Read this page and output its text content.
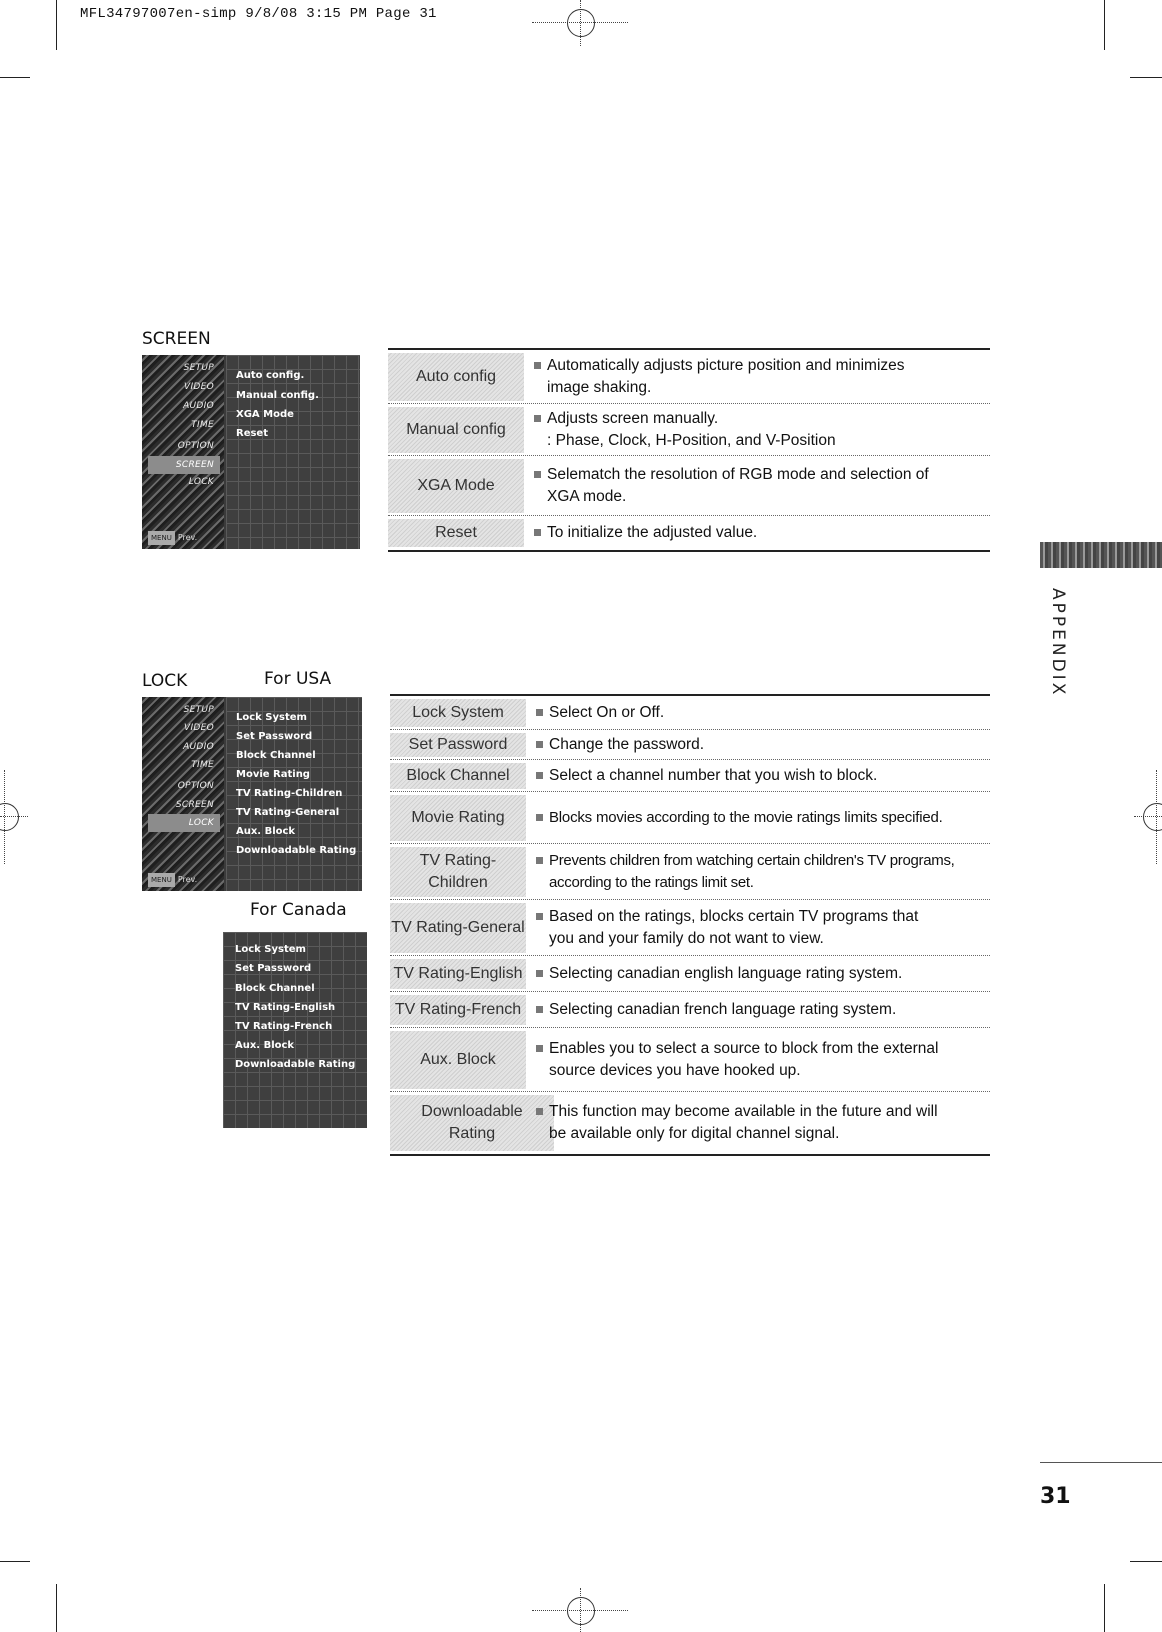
MFL34797007en-simp 9/8/08 3:15 PM Page 31
SCREEN
SETUP
VIDEO
AUDIO
TIME
OPTION
SCREEN
LOCK
MENU Prev.
Auto config.
Manual config.
XGA Mode
Reset
Auto config
Automatically adjusts picture position and minimizes
image shaking.
Manual config
Adjusts screen manually.
: Phase, Clock, H-Position, and V-Position
XGA Mode
Selematch the resolution of RGB mode and selection of
XGA mode.
Reset	To initialize the adjusted value.
LOCK	For USA
SETUP
VIDEO
AUDIO
TIME
OPTION
SCREEN
LOCK
MENU Prev.
Lock System
Set Password
Block Channel
Movie Rating
TV Rating-Children
TV Rating-General
Aux. Block
Downloadable Rating
For Canada
Lock System
Set Password
Block Channel
TV Rating-English
TV Rating-French
Aux. Block
Downloadable Rating
Lock System	Select On or Off.
Set Password	Change the password.
Block Channel	Select a channel number that you wish to block.
Movie Rating	Blocks movies according to the movie ratings limits specified.
TV Rating-Children
Prevents children from watching certain children's TV programs,
according to the ratings limit set.
TV Rating-General
Based on the ratings, blocks certain TV programs that
you and your family do not want to view.
TV Rating-English Selecting canadian english language rating system.
TV Rating-French	Selecting canadian french language rating system.
Aux. Block
Enables you to select a source to block from the external
source devices you have hooked up.
Downloadable Rating
This function may become available in the future and will
be available only for digital channel signal.
APPENDIX
31
